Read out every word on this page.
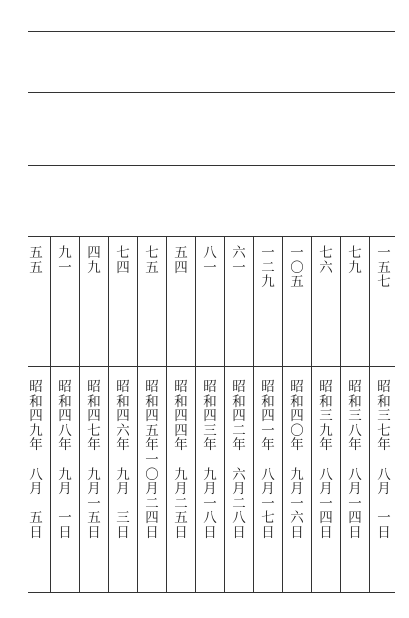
一
五
七
昭
和
三
七
年

八
月

一
日
七
九
昭
和
三
八
年

八
月
一
四
日
七
六
昭
和
三
九
年

八
月
一
四
日
一
〇
五
昭
和
四
〇
年

九
月
一
六
日
一
二
九
昭
和
四
一
年

八
月
一
七
日
六
一
昭
和
四
二
年

六
月
二
八
日
八
一
昭
和
四
三
年

九
月
一
八
日
五
四
昭
和
四
四
年

九
月
二
五
日
七
五
昭
和
四
五
年
一
〇
月
二
四
日
七
四
昭
和
四
六
年

九
月

三
日
四
九
昭
和
四
七
年

九
月
一
五
日
九
一
昭
和
四
八
年

九
月

一
日
五
五
昭
和
四
九
年

八
月

五
日
